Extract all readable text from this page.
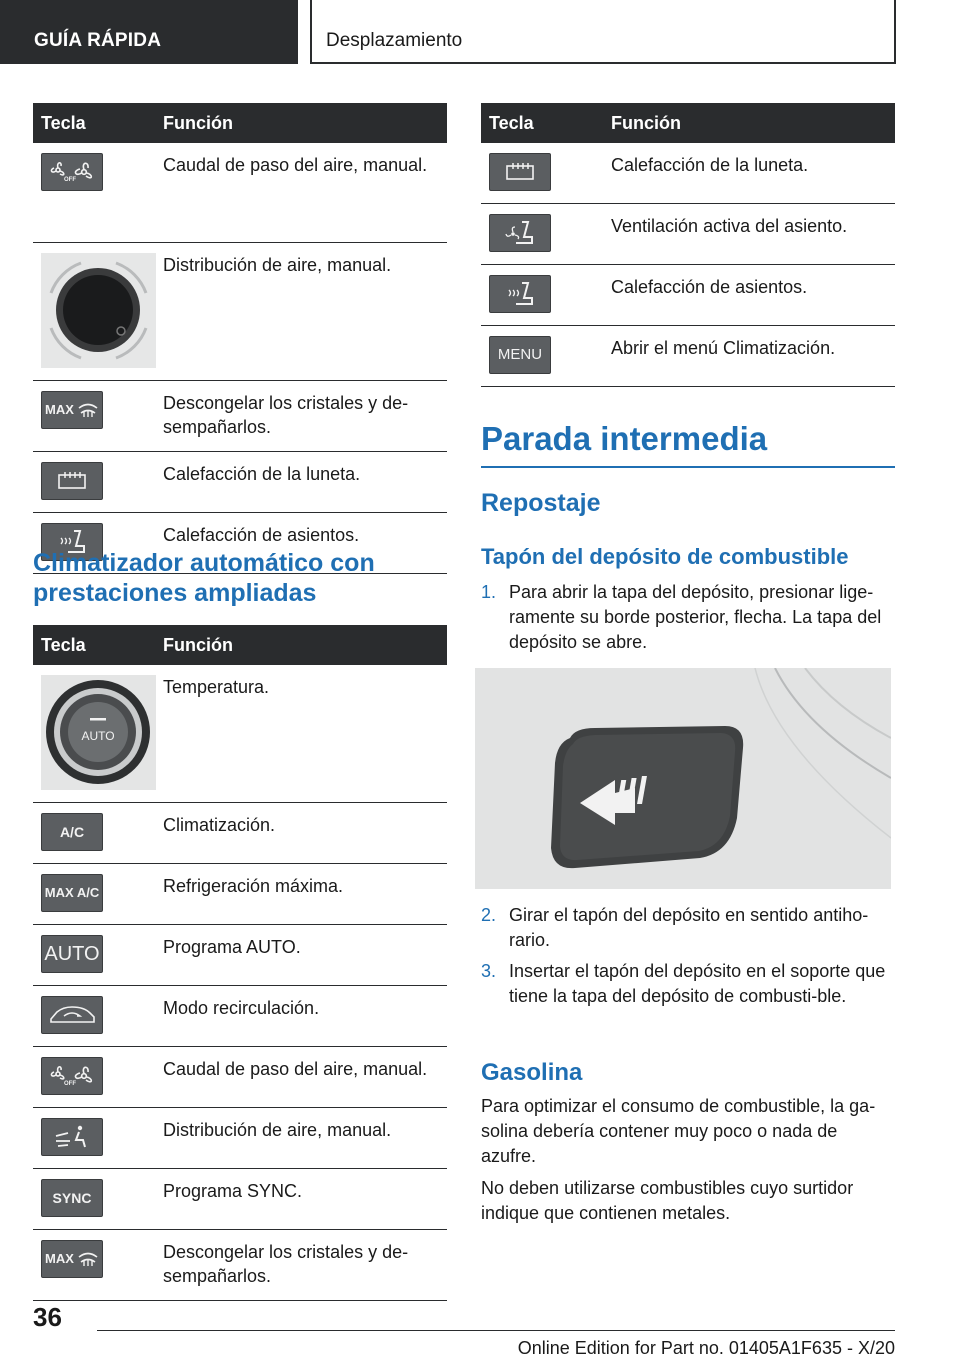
GUÍA RÁPIDA	Desplazamiento
Tecla	Función

OFF	Caudal de paso del aire, manual.

	Distribución de aire, manual.

MAX	Descongelar los cristales y de-sempañarlos.

	Calefacción de la luneta.

	Calefacción de asientos.
Climatizador automático con
prestaciones ampliadas
Tecla	Función

AUTO	Temperatura.

A/C	Climatización.

MAX A/C	Refrigeración máxima.

AUTO	Programa AUTO.

	Modo recirculación.

OFF	Caudal de paso del aire, manual.

	Distribución de aire, manual.

SYNC	Programa SYNC.

MAX	Descongelar los cristales y de-sempañarlos.
Tecla	Función

	Calefacción de la luneta.

	Ventilación activa del asiento.

	Calefacción de asientos.

MENU	Abrir el menú Climatización.
Parada intermedia
Repostaje
Tapón del depósito de combustible
1. Para abrir la tapa del depósito, presionar lige-ramente su borde posterior, flecha. La tapa del depósito se abre.
2. Girar el tapón del depósito en sentido antiho-rario.
3. Insertar el tapón del depósito en el soporte que tiene la tapa del depósito de combusti-ble.
Gasolina

Para optimizar el consumo de combustible, la ga-solina debería contener muy poco o nada de azufre.

No deben utilizarse combustibles cuyo surtidor indique que contienen metales.

36
Online Edition for Part no. 01405A1F635 - X/20
